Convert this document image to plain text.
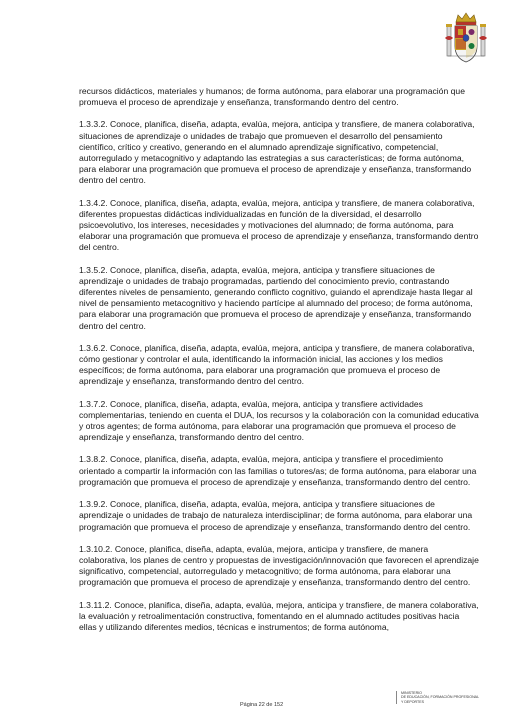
recursos didácticos, materiales y humanos; de forma autónoma, para elaborar una programación que promueva el proceso de aprendizaje y enseñanza, transformando dentro del centro.

1.3.3.2. Conoce, planifica, diseña, adapta, evalúa, mejora, anticipa y transfiere, de manera colaborativa, situaciones de aprendizaje o unidades de trabajo que promueven el desarrollo del pensamiento científico, crítico y creativo, generando en el alumnado aprendizaje significativo, competencial, autorregulado y metacognitivo y adaptando las estrategias a sus características; de forma autónoma, para elaborar una programación que promueva el proceso de aprendizaje y enseñanza, transformando dentro del centro.

1.3.4.2. Conoce, planifica, diseña, adapta, evalúa, mejora, anticipa y transfiere, de manera colaborativa, diferentes propuestas didácticas individualizadas en función de la diversidad, el desarrollo psicoevolutivo, los intereses, necesidades y motivaciones del alumnado; de forma autónoma, para elaborar una programación que promueva el proceso de aprendizaje y enseñanza, transformando dentro del centro.

1.3.5.2. Conoce, planifica, diseña, adapta, evalúa, mejora, anticipa y transfiere situaciones de aprendizaje o unidades de trabajo programadas, partiendo del conocimiento previo, contrastando diferentes niveles de pensamiento, generando conflicto cognitivo, guiando el aprendizaje hasta llegar al nivel de pensamiento metacognitivo y haciendo partícipe al alumnado del proceso; de forma autónoma, para elaborar una programación que promueva el proceso de aprendizaje y enseñanza, transformando dentro del centro.

1.3.6.2. Conoce, planifica, diseña, adapta, evalúa, mejora, anticipa y transfiere, de manera colaborativa, cómo gestionar y controlar el aula, identificando la información inicial, las acciones y los medios específicos; de forma autónoma, para elaborar una programación que promueva el proceso de aprendizaje y enseñanza, transformando dentro del centro.

1.3.7.2. Conoce, planifica, diseña, adapta, evalúa, mejora, anticipa y transfiere actividades complementarias, teniendo en cuenta el DUA, los recursos y la colaboración con la comunidad educativa y otros agentes; de forma autónoma, para elaborar una programación que promueva el proceso de aprendizaje y enseñanza, transformando dentro del centro.

1.3.8.2. Conoce, planifica, diseña, adapta, evalúa, mejora, anticipa y transfiere el procedimiento orientado a compartir la información con las familias o tutores/as; de forma autónoma, para elaborar una programación que promueva el proceso de aprendizaje y enseñanza, transformando dentro del centro.

1.3.9.2. Conoce, planifica, diseña, adapta, evalúa, mejora, anticipa y transfiere situaciones de aprendizaje o unidades de trabajo de naturaleza interdisciplinar; de forma autónoma, para elaborar una programación que promueva el proceso de aprendizaje y enseñanza, transformando dentro del centro.

1.3.10.2. Conoce, planifica, diseña, adapta, evalúa, mejora, anticipa y transfiere, de manera colaborativa, los planes de centro y propuestas de investigación/innovación que favorecen el aprendizaje significativo, competencial, autorregulado y metacognitivo; de forma autónoma, para elaborar una programación que promueva el proceso de aprendizaje y enseñanza, transformando dentro del centro.

1.3.11.2. Conoce, planifica, diseña, adapta, evalúa, mejora, anticipa y transfiere, de manera colaborativa, la evaluación y retroalimentación constructiva, fomentando en el alumnado actitudes positivas hacia ellas y utilizando diferentes medios, técnicas e instrumentos; de forma autónoma,

Página 22 de 152
MINISTERIO
DE EDUCACIÓN, FORMACIÓN PROFESIONAL
Y DEPORTES
